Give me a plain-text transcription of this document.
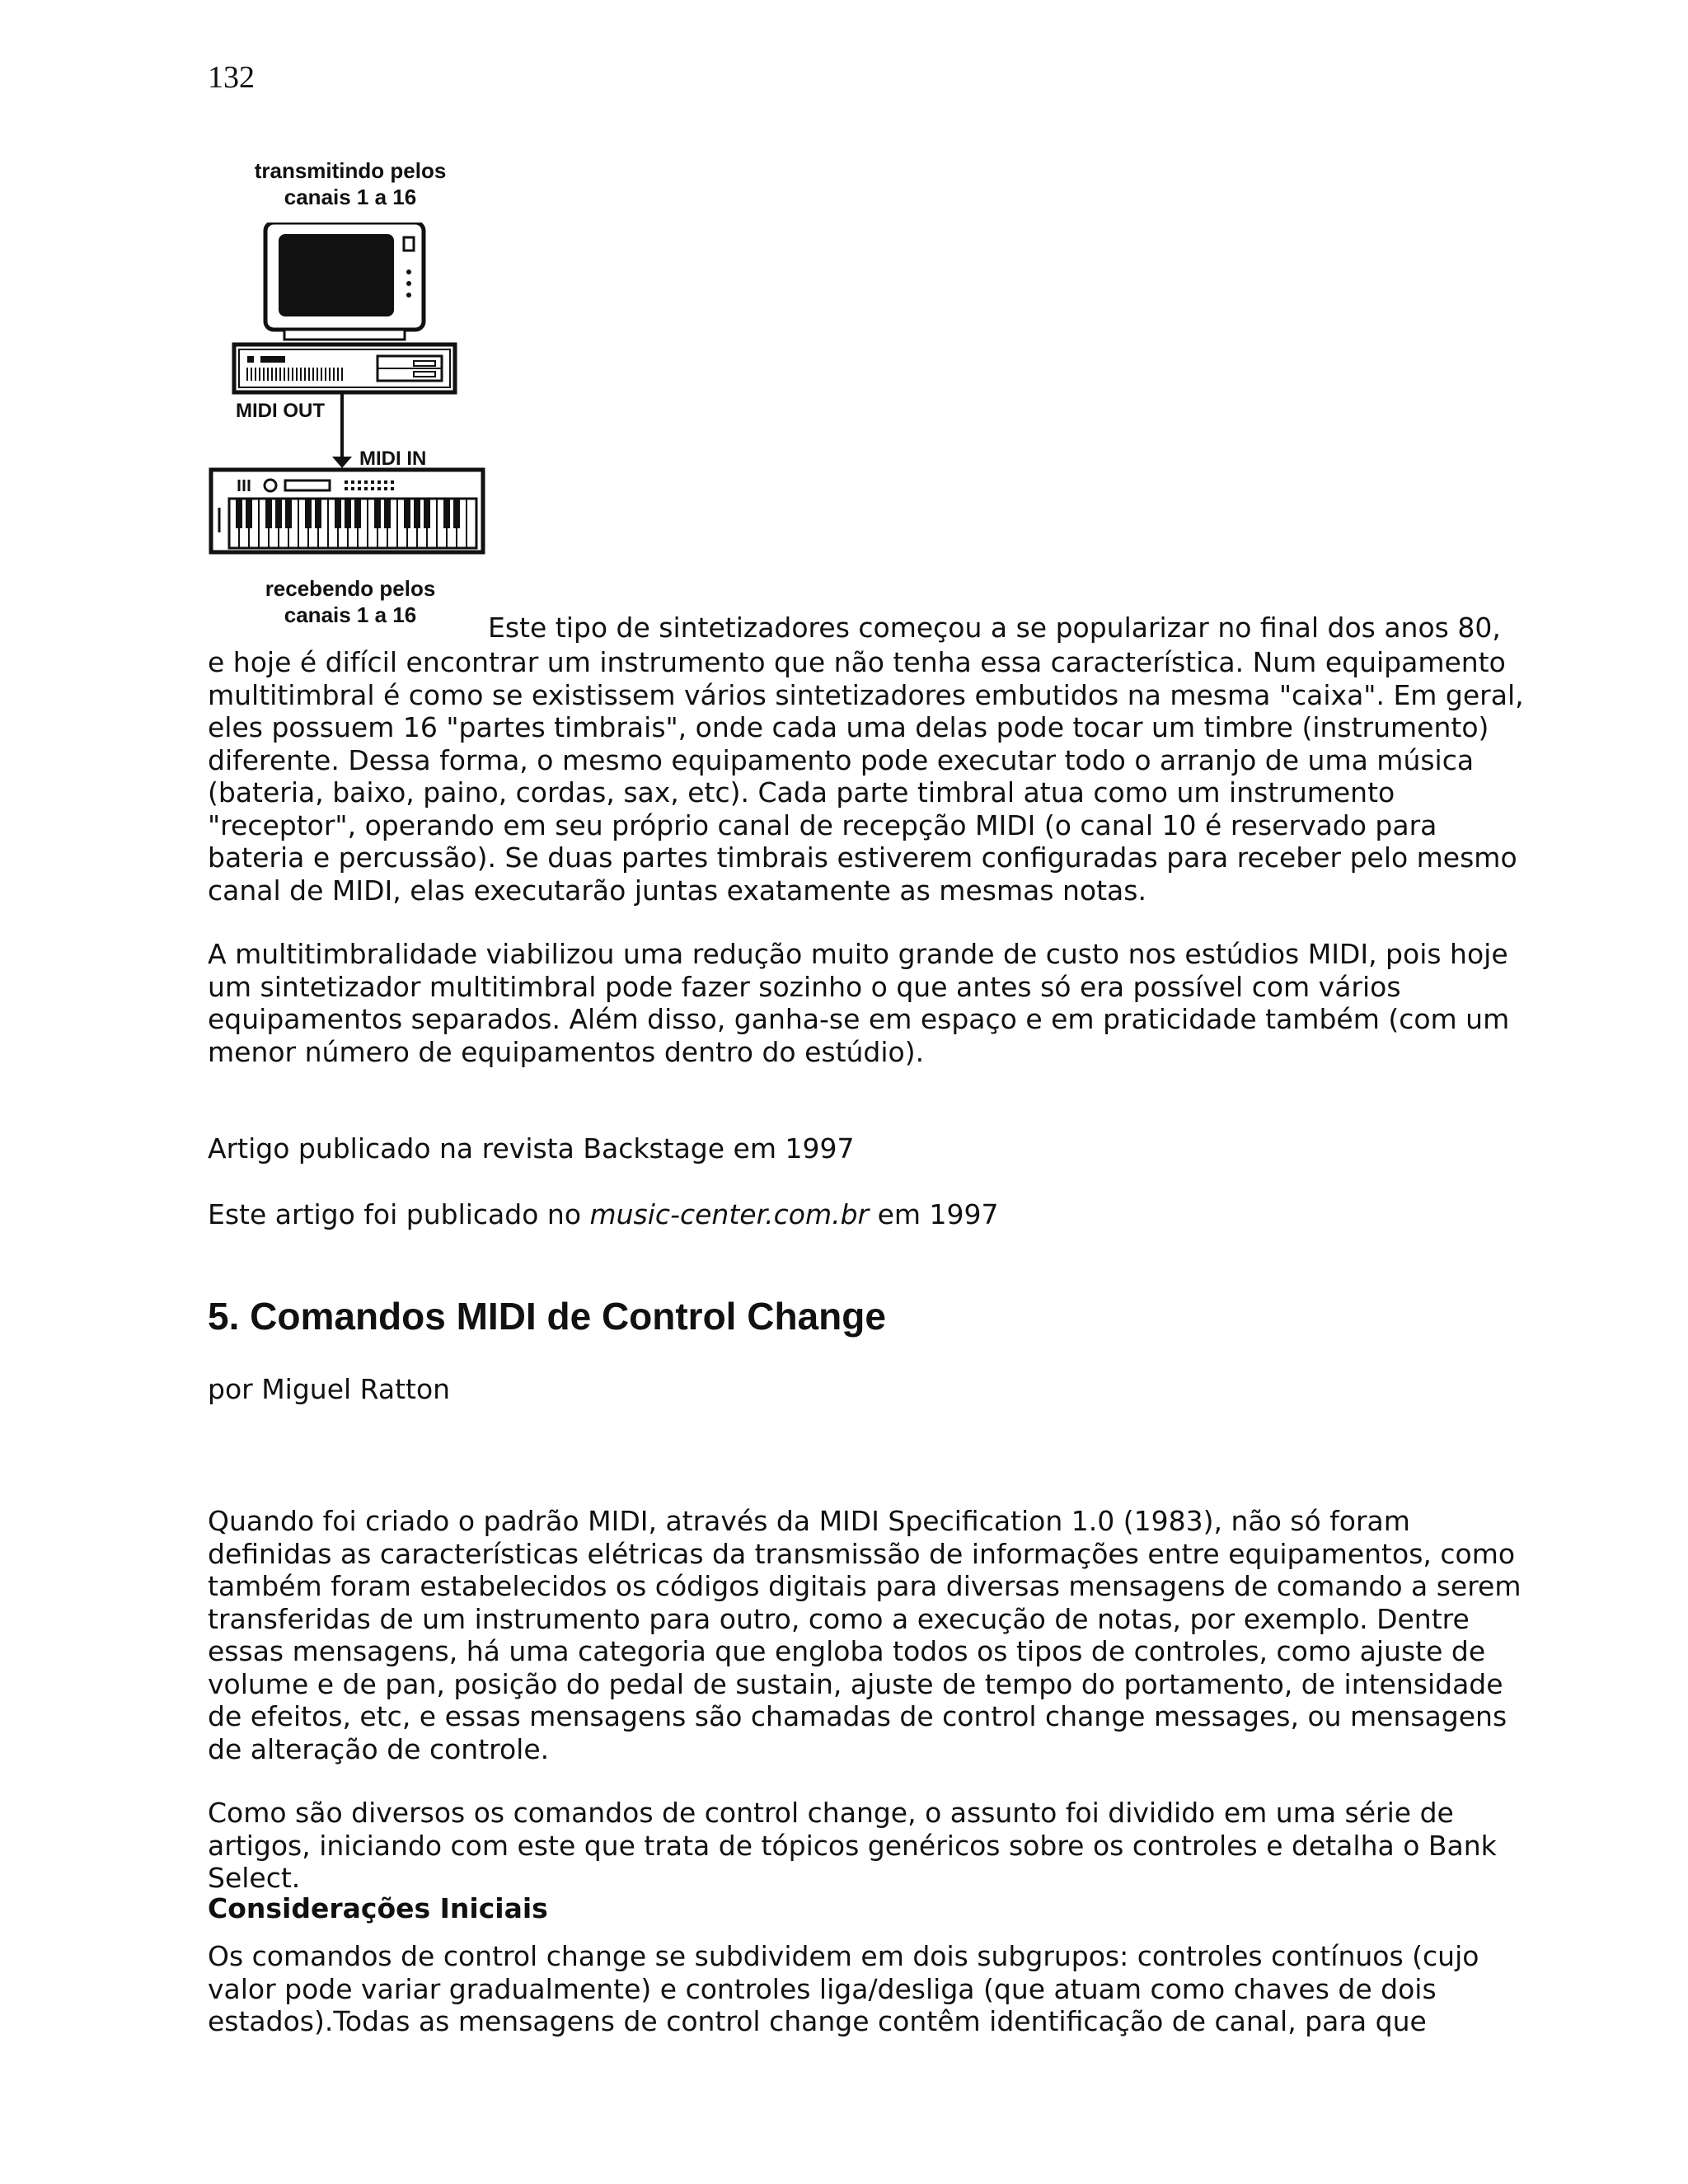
132
transmitindo pelos
canais 1 a 16
MIDI OUT
MIDI IN
recebendo pelos
canais 1 a 16	Este tipo de sintetizadores começou a se popularizar no final dos anos 80,

e hoje é difícil encontrar um instrumento que não tenha essa característica. Num equipamento multitimbral é como se existissem vários sintetizadores embutidos na mesma "caixa". Em geral, eles possuem 16 "partes timbrais", onde cada uma delas pode tocar um timbre (instrumento) diferente. Dessa forma, o mesmo equipamento pode executar todo o arranjo de uma música (bateria, baixo, paino, cordas, sax, etc). Cada parte timbral atua como um instrumento "receptor", operando em seu próprio canal de recepção MIDI (o canal 10 é reservado para bateria e percussão). Se duas partes timbrais estiverem configuradas para receber pelo mesmo canal de MIDI, elas executarão juntas exatamente as mesmas notas.

A multitimbralidade viabilizou uma redução muito grande de custo nos estúdios MIDI, pois hoje um sintetizador multitimbral pode fazer sozinho o que antes só era possível com vários equipamentos separados. Além disso, ganha-se em espaço e em praticidade também (com um menor número de equipamentos dentro do estúdio).

Artigo publicado na revista Backstage em 1997

Este artigo foi publicado no music-center.com.br em 1997

5. Comandos MIDI de Control Change

por Miguel Ratton

Quando foi criado o padrão MIDI, através da MIDI Specification 1.0 (1983), não só foram definidas as características elétricas da transmissão de informações entre equipamentos, como também foram estabelecidos os códigos digitais para diversas mensagens de comando a serem transferidas de um instrumento para outro, como a execução de notas, por exemplo. Dentre essas mensagens, há uma categoria que engloba todos os tipos de controles, como ajuste de volume e de pan, posição do pedal de sustain, ajuste de tempo do portamento, de intensidade de efeitos, etc, e essas mensagens são chamadas de control change messages, ou mensagens de alteração de controle.

Como são diversos os comandos de control change, o assunto foi dividido em uma série de artigos, iniciando com este que trata de tópicos genéricos sobre os controles e detalha o Bank Select.

Considerações Iniciais

Os comandos de control change se subdividem em dois subgrupos: controles contínuos (cujo valor pode variar gradualmente) e controles liga/desliga (que atuam como chaves de dois estados).Todas as mensagens de control change contêm identificação de canal, para que
